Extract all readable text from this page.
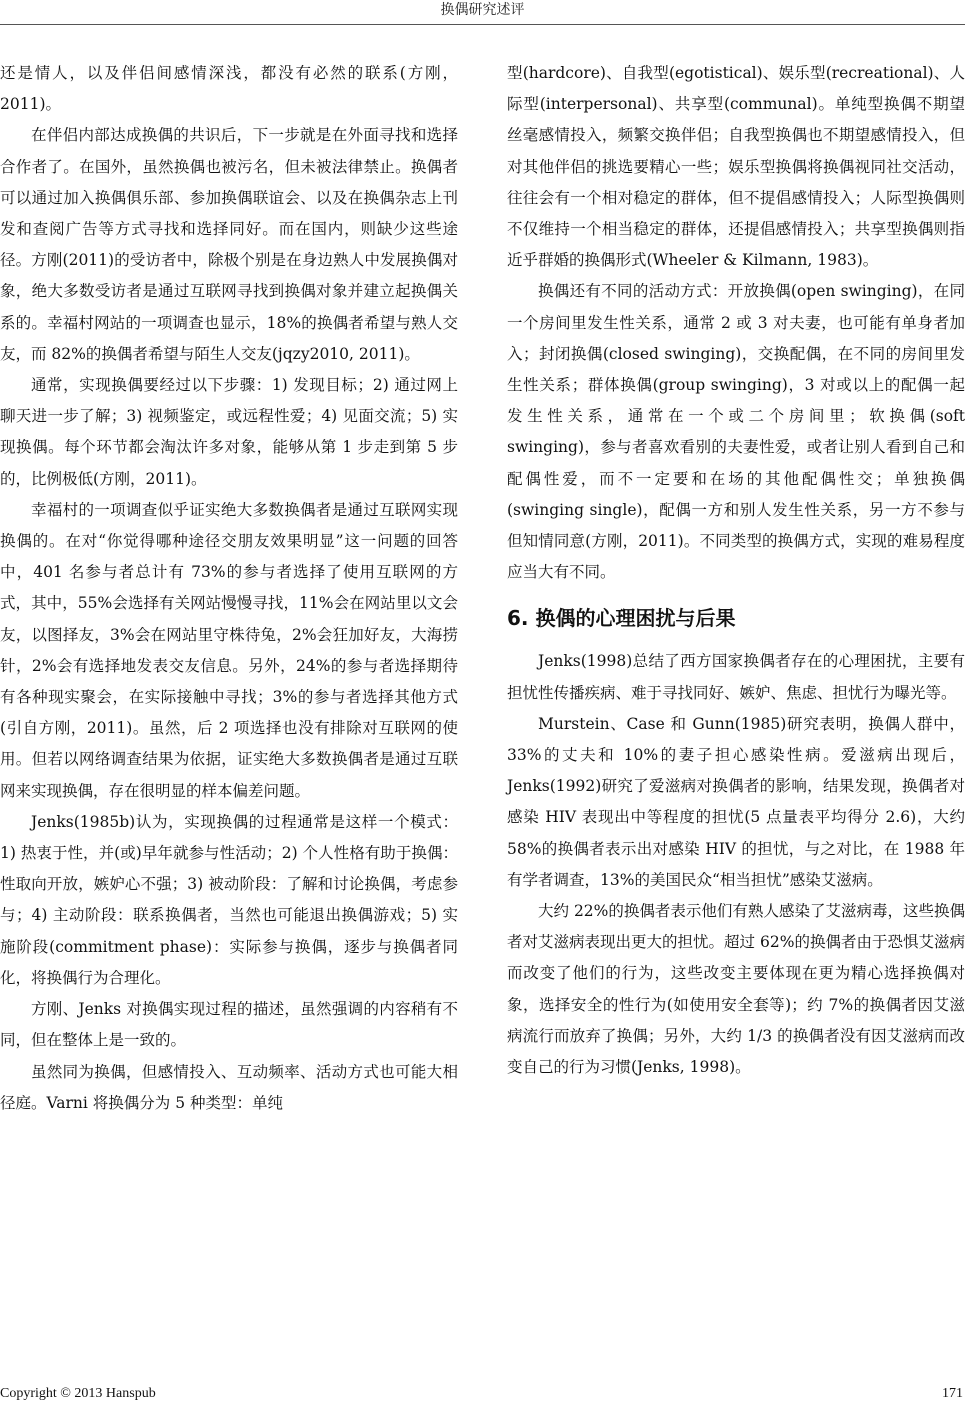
换偶研究述评

还是情人，以及伴侣间感情深浅，都没有必然的联系(方刚，2011)。

在伴侣内部达成换偶的共识后，下一步就是在外面寻找和选择合作者了。在国外，虽然换偶也被污名，但未被法律禁止。换偶者可以通过加入换偶俱乐部、参加换偶联谊会、以及在换偶杂志上刊发和查阅广告等方式寻找和选择同好。而在国内，则缺少这些途径。方刚(2011)的受访者中，除极个别是在身边熟人中发展换偶对象，绝大多数受访者是通过互联网寻找到换偶对象并建立起换偶关系的。幸福村网站的一项调查也显示，18%的换偶者希望与熟人交友，而 82%的换偶者希望与陌生人交友(jqzy2010, 2011)。

通常，实现换偶要经过以下步骤：1) 发现目标；2) 通过网上聊天进一步了解；3) 视频鉴定，或远程性爱；4) 见面交流；5) 实现换偶。每个环节都会淘汰许多对象，能够从第 1 步走到第 5 步的，比例极低(方刚，2011)。

幸福村的一项调查似乎证实绝大多数换偶者是通过互联网实现换偶的。在对“你觉得哪种途径交朋友效果明显”这一问题的回答中，401 名参与者总计有 73%的参与者选择了使用互联网的方式，其中，55%会选择有关网站慢慢寻找，11%会在网站里以文会友，以图择友，3%会在网站里守株待兔，2%会狂加好友，大海捞针，2%会有选择地发表交友信息。另外，24%的参与者选择期待有各种现实聚会，在实际接触中寻找；3%的参与者选择其他方式(引自方刚，2011)。虽然，后 2 项选择也没有排除对互联网的使用。但若以网络调查结果为依据，证实绝大多数换偶者是通过互联网来实现换偶，存在很明显的样本偏差问题。

Jenks(1985b)认为，实现换偶的过程通常是这样一个模式：1) 热衷于性，并(或)早年就参与性活动；2) 个人性格有助于换偶：性取向开放，嫉妒心不强；3) 被动阶段：了解和讨论换偶，考虑参与；4) 主动阶段：联系换偶者，当然也可能退出换偶游戏；5) 实施阶段(commitment phase)：实际参与换偶，逐步与换偶者同化，将换偶行为合理化。

方刚、Jenks 对换偶实现过程的描述，虽然强调的内容稍有不同，但在整体上是一致的。

虽然同为换偶，但感情投入、互动频率、活动方式也可能大相径庭。Varni 将换偶分为 5 种类型：单纯

型(hardcore)、自我型(egotistical)、娱乐型(recreational)、人际型(interpersonal)、共享型(communal)。单纯型换偶不期望丝毫感情投入，频繁交换伴侣；自我型换偶也不期望感情投入，但对其他伴侣的挑选要精心一些；娱乐型换偶将换偶视同社交活动，往往会有一个相对稳定的群体，但不提倡感情投入；人际型换偶则不仅维持一个相当稳定的群体，还提倡感情投入；共享型换偶则指近乎群婚的换偶形式(Wheeler & Kilmann, 1983)。

换偶还有不同的活动方式：开放换偶(open swinging)，在同一个房间里发生性关系，通常 2 或 3 对夫妻，也可能有单身者加入；封闭换偶(closed swinging)，交换配偶，在不同的房间里发生性关系；群体换偶(group swinging)，3 对或以上的配偶一起发生性关系，通常在一个或二个房间里；软换偶(soft swinging)，参与者喜欢看别的夫妻性爱，或者让别人看到自己和配偶性爱，而不一定要和在场的其他配偶性交；单独换偶(swinging single)，配偶一方和别人发生性关系，另一方不参与但知情同意(方刚，2011)。不同类型的换偶方式，实现的难易程度应当大有不同。

6. 换偶的心理困扰与后果

Jenks(1998)总结了西方国家换偶者存在的心理困扰，主要有担忧性传播疾病、难于寻找同好、嫉妒、焦虑、担忧行为曝光等。

Murstein、Case 和 Gunn(1985)研究表明，换偶人群中，33%的丈夫和 10%的妻子担心感染性病。爱滋病出现后，Jenks(1992)研究了爱滋病对换偶者的影响，结果发现，换偶者对感染 HIV 表现出中等程度的担忧(5 点量表平均得分 2.6)，大约 58%的换偶者表示出对感染 HIV 的担忧，与之对比，在 1988 年有学者调查，13%的美国民众“相当担忧”感染艾滋病。

大约 22%的换偶者表示他们有熟人感染了艾滋病毒，这些换偶者对艾滋病表现出更大的担忧。超过 62%的换偶者由于恐惧艾滋病而改变了他们的行为，这些改变主要体现在更为精心选择换偶对象，选择安全的性行为(如使用安全套等)；约 7%的换偶者因艾滋病流行而放弃了换偶；另外，大约 1/3 的换偶者没有因艾滋病而改变自己的行为习惯(Jenks, 1998)。

Copyright © 2013 Hanspub	171
